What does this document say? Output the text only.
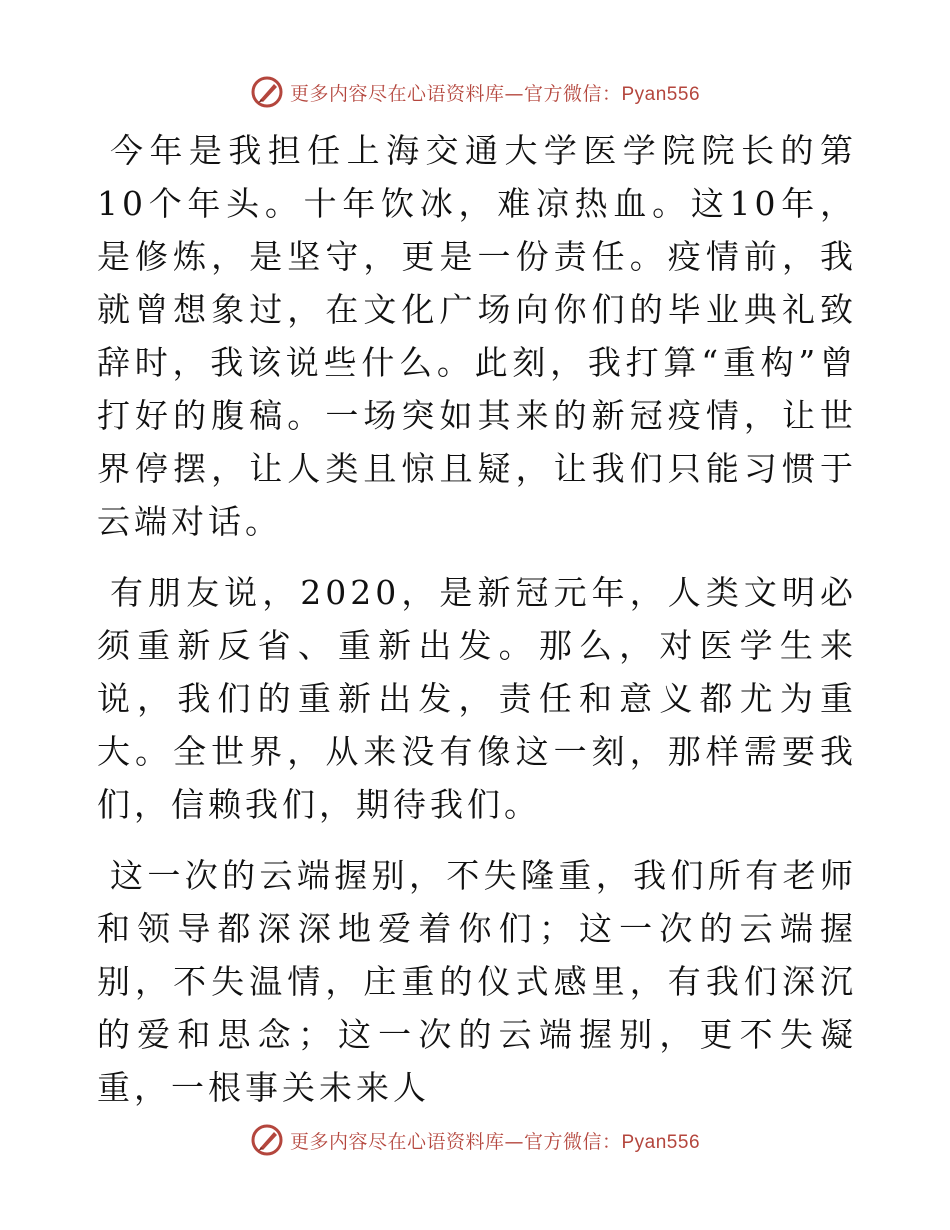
更多内容尽在心语资料库—官方微信：Pyan556

今年是我担任上海交通大学医学院院长的第10个年头。十年饮冰，难凉热血。这10年，是修炼，是坚守，更是一份责任。疫情前，我就曾想象过，在文化广场向你们的毕业典礼致辞时，我该说些什么。此刻，我打算“重构”曾打好的腹稿。一场突如其来的新冠疫情，让世界停摆，让人类且惊且疑，让我们只能习惯于云端对话。

有朋友说，2020，是新冠元年，人类文明必须重新反省、重新出发。那么，对医学生来说，我们的重新出发，责任和意义都尤为重大。全世界，从来没有像这一刻，那样需要我们，信赖我们，期待我们。

这一次的云端握别，不失隆重，我们所有老师和领导都深深地爱着你们；这一次的云端握别，不失温情，庄重的仪式感里，有我们深沉的爱和思念；这一次的云端握别，更不失凝重，一根事关未来人

更多内容尽在心语资料库—官方微信：Pyan556
